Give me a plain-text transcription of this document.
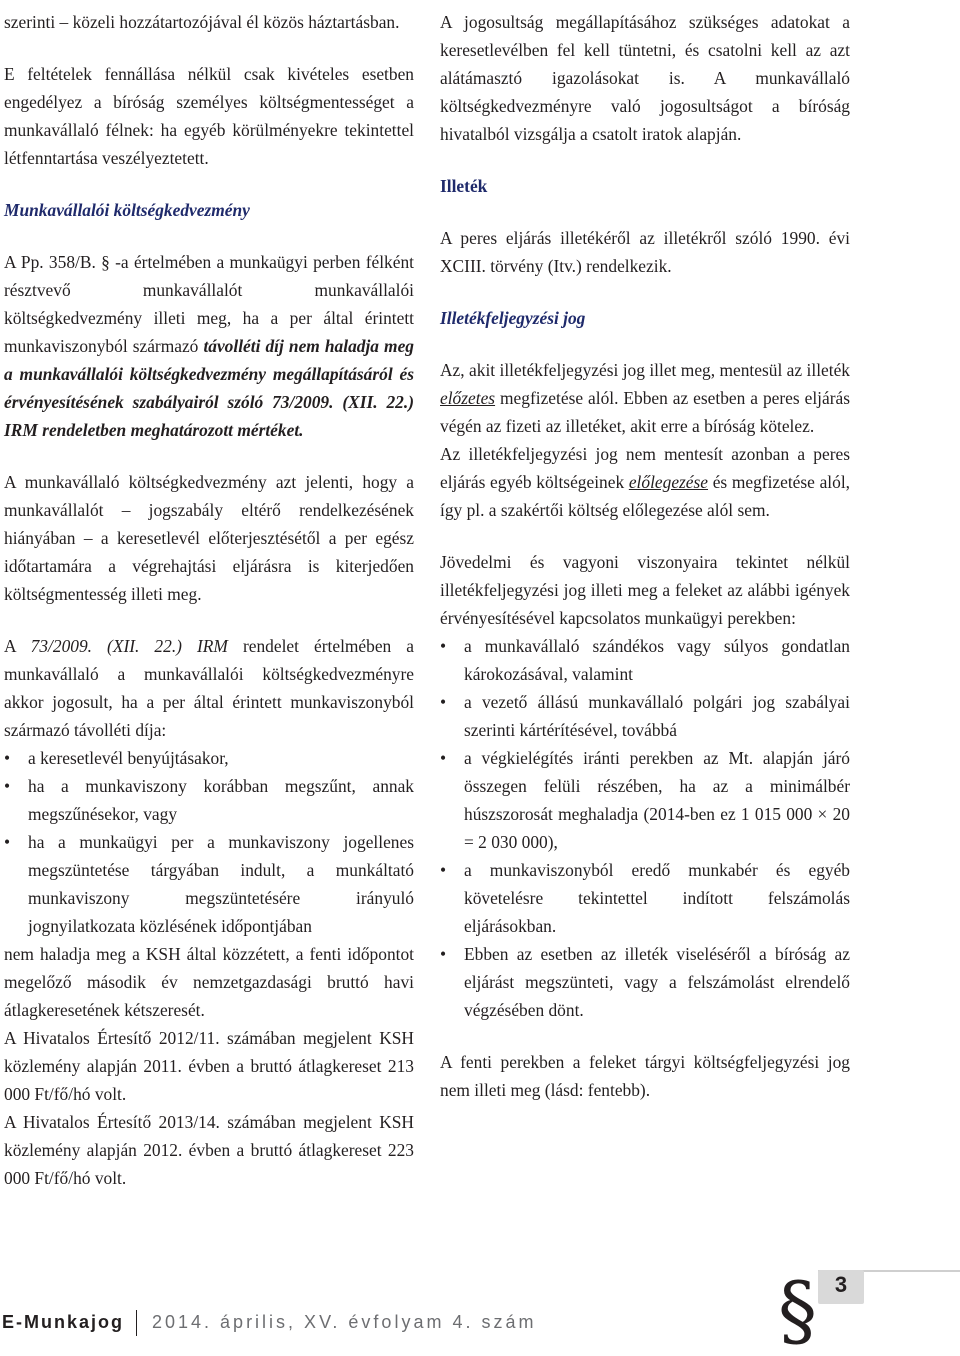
szerinti – közeli hozzátartozójával él közös háztartásban.

E feltételek fennállása nélkül csak kivételes esetben engedélyez a bíróság személyes költségmentességet a munkavállaló félnek: ha egyéb körülményekre tekintettel létfenntartása veszélyeztetett.

Munkavállalói költségkedvezmény

A Pp. 358/B. § -a értelmében a munkaügyi perben félként résztvevő munkavállalót munkavállalói költségkedvezmény illeti meg, ha a per által érintett munkaviszonyból származó távolléti díj nem haladja meg a munkavállalói költségkedvezmény megállapításáról és érvényesítésének szabályairól szóló 73/2009. (XII. 22.) IRM rendeletben meghatározott mértéket.

A munkavállaló költségkedvezmény azt jelenti, hogy a munkavállalót – jogszabály eltérő rendelkezésének hiányában – a keresetlevél előterjesztésétől a per egész időtartamára a végrehajtási eljárásra is kiterjedően költségmentesség illeti meg.

A 73/2009. (XII. 22.) IRM rendelet értelmében a munkavállaló a munkavállalói költségkedvezményre akkor jogosult, ha a per által érintett munkaviszonyból származó távolléti díja:

• a keresetlevél benyújtásakor,
• ha a munkaviszony korábban megszűnt, annak megszűnésekor, vagy
• ha a munkaügyi per a munkaviszony jogellenes megszüntetése tárgyában indult, a munkáltató munkaviszony megszüntetésére irányuló jognyilatkozata közlésének időpontjában

nem haladja meg a KSH által közzétett, a fenti időpontot megelőző második év nemzetgazdasági bruttó havi átlagkeresetének kétszeresét.

A Hivatalos Értesítő 2012/11. számában megjelent KSH közlemény alapján 2011. évben a bruttó átlagkereset 213 000 Ft/fő/hó volt.

A Hivatalos Értesítő 2013/14. számában megjelent KSH közlemény alapján 2012. évben a bruttó átlagkereset 223 000 Ft/fő/hó volt.

A jogosultság megállapításához szükséges adatokat a keresetlevélben fel kell tüntetni, és csatolni kell az azt alátámasztó igazolásokat is. A munkavállaló költségkedvezményre való jogosultságot a bíróság hivatalból vizsgálja a csatolt iratok alapján.

Illeték

A peres eljárás illetékéről az illetékről szóló 1990. évi XCIII. törvény (Itv.) rendelkezik.

Illetékfeljegyzési jog

Az, akit illetékfeljegyzési jog illet meg, mentesül az illeték előzetes megfizetése alól. Ebben az esetben a peres eljárás végén az fizeti az illetéket, akit erre a bíróság kötelez.

Az illetékfeljegyzési jog nem mentesít azonban a peres eljárás egyéb költségeinek előlegezése és megfizetése alól, így pl. a szakértői költség előlegezése alól sem.

Jövedelmi és vagyoni viszonyaira tekintet nélkül illetékfeljegyzési jog illeti meg a feleket az alábbi igények érvényesítésével kapcsolatos munkaügyi perekben:

• a munkavállaló szándékos vagy súlyos gondatlan károkozásával, valamint
• a vezető állású munkavállaló polgári jog szabályai szerinti kártérítésével, továbbá
• a végkielégítés iránti perekben az Mt. alapján járó összegen felüli részében, ha az a minimálbér húszszorosát meghaladja (2014-ben ez 1 015 000 × 20 = 2 030 000),
• a munkaviszonyból eredő munkabér és egyéb követelésre tekintettel indított felszámolás eljárásokban.
• Ebben az esetben az illeték viseléséről a bíróság az eljárást megszünteti, vagy a felszámolást elrendelő végzésében dönt.

A fenti perekben a feleket tárgyi költségfeljegyzési jog nem illeti meg (lásd: fentebb).

§ 3
E-Munkajog 2014. április, XV. évfolyam 4. szám
